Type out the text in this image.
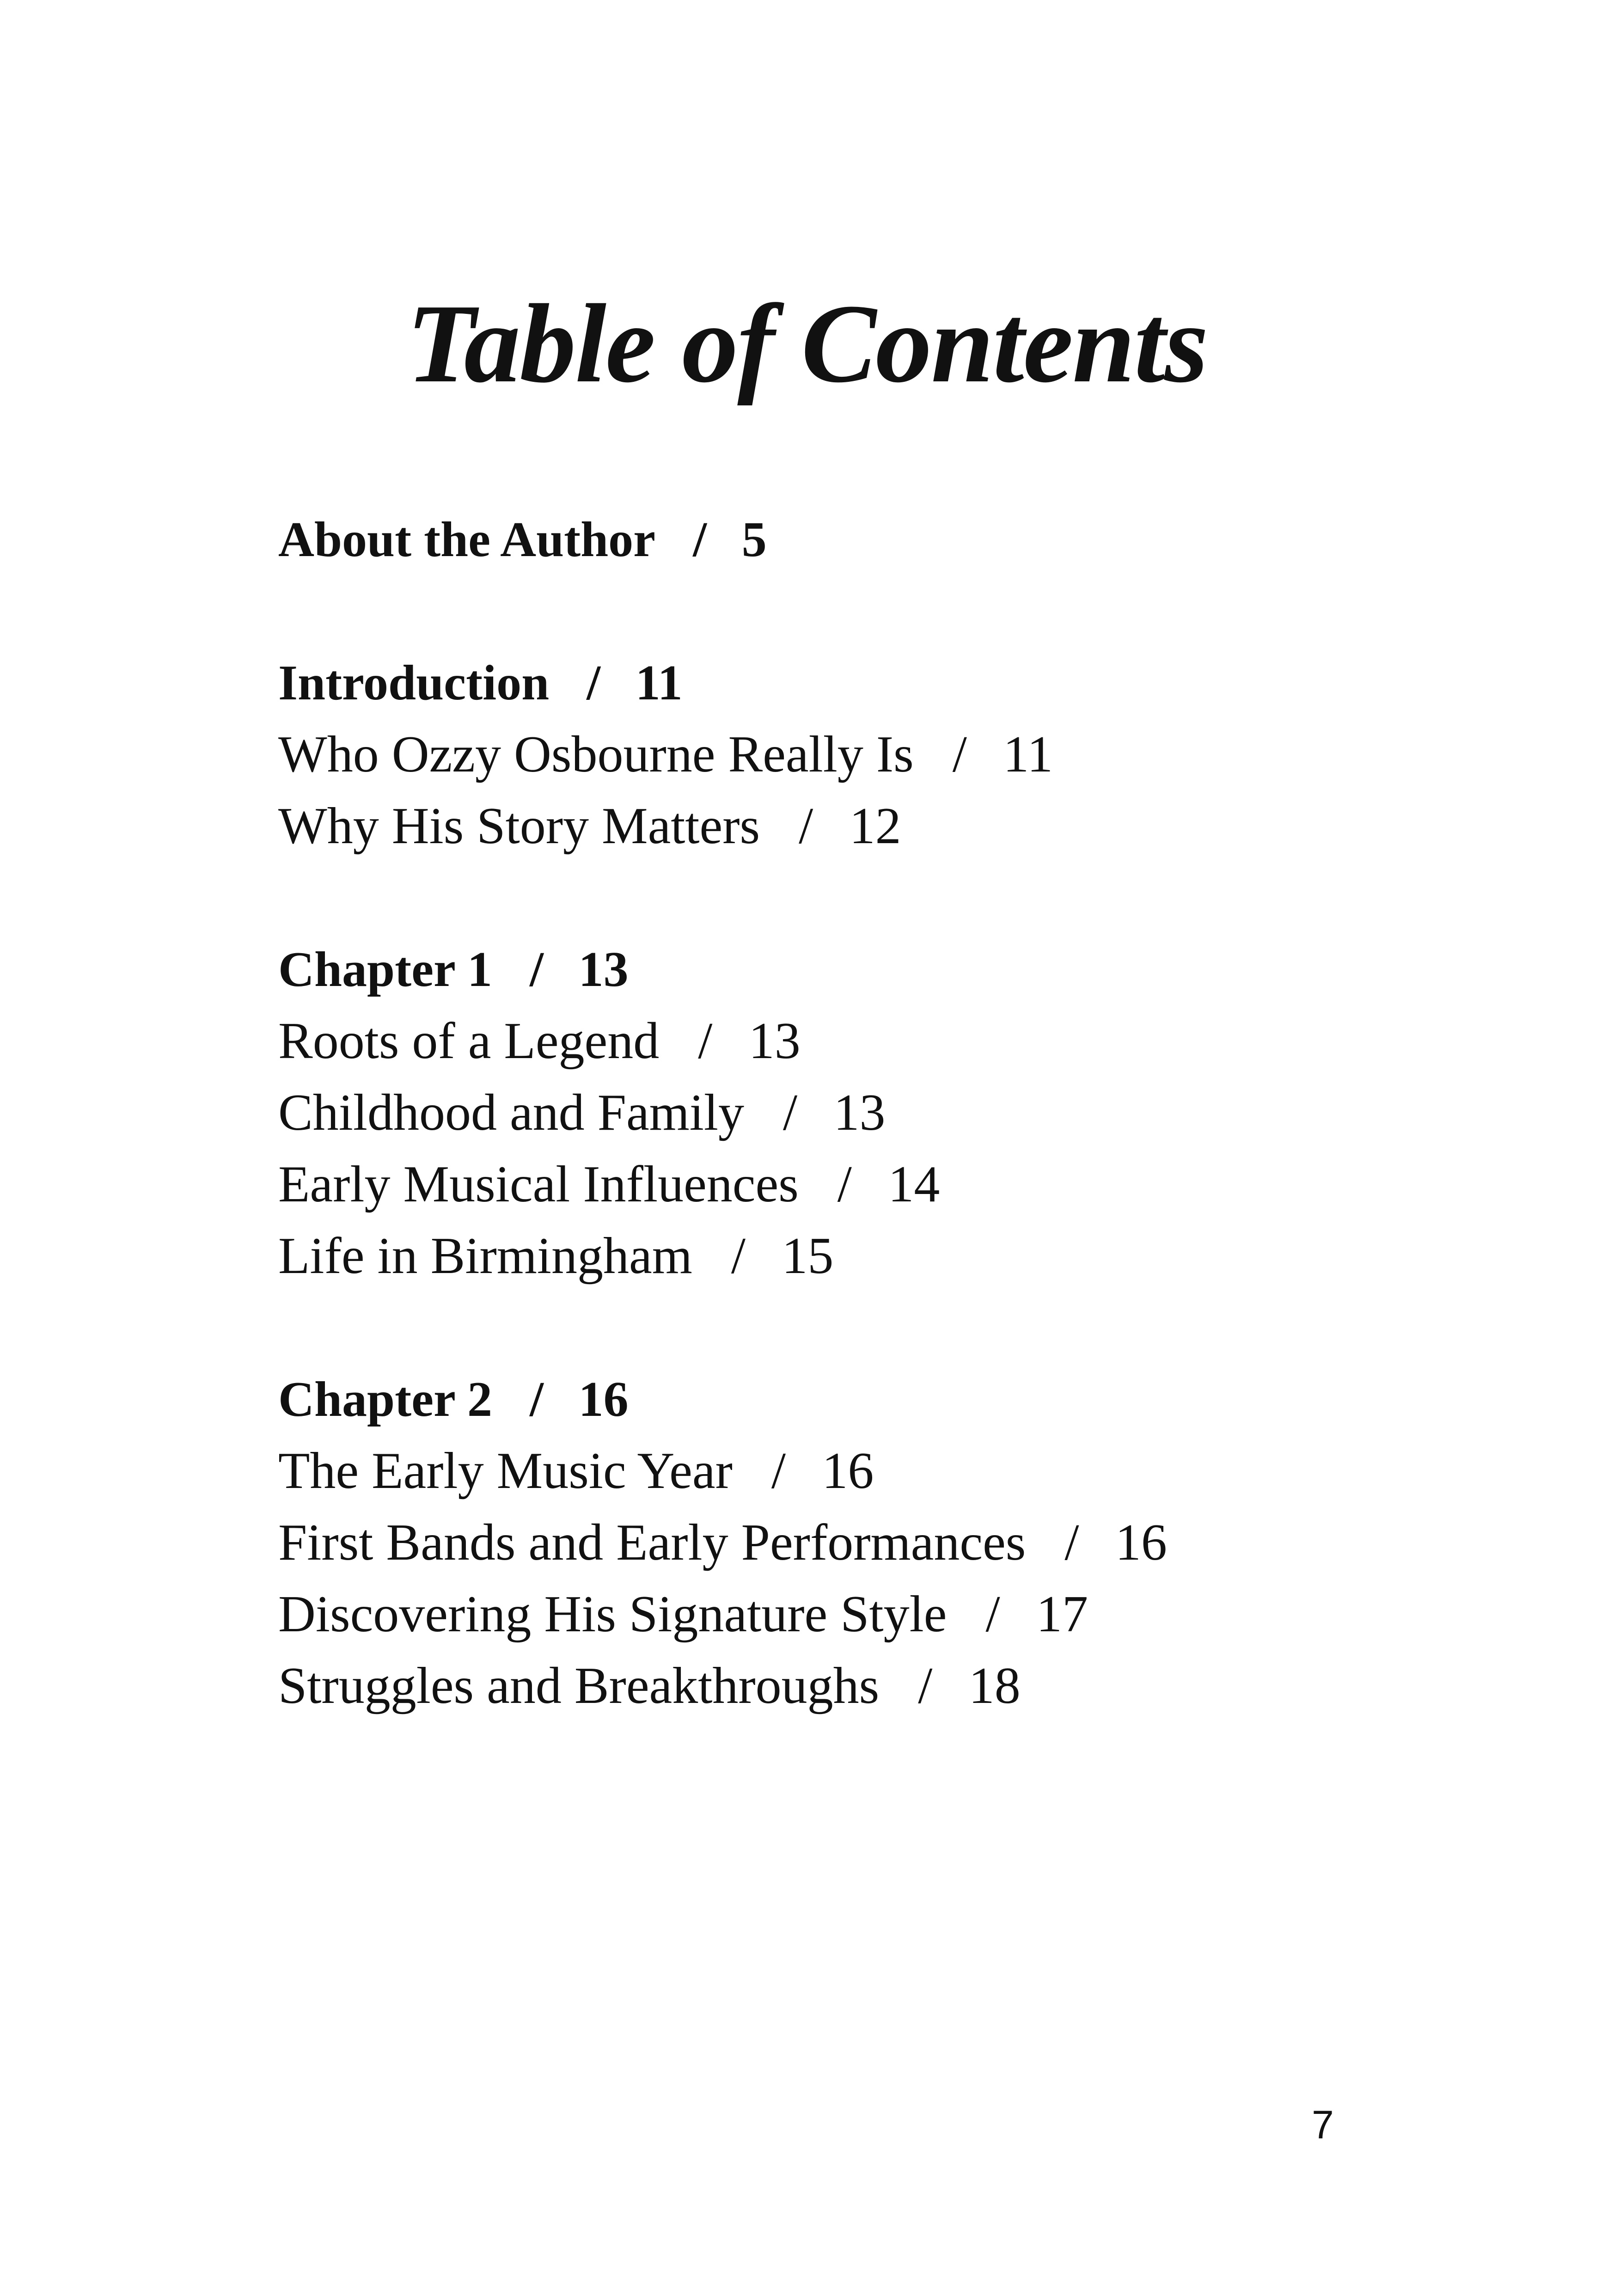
Table of Contents
About the Author / 5
Introduction / 11
Who Ozzy Osbourne Really Is / 11
Why His Story Matters / 12
Chapter 1 / 13
Roots of a Legend / 13
Childhood and Family / 13
Early Musical Influences / 14
Life in Birmingham / 15
Chapter 2 / 16
The Early Music Year / 16
First Bands and Early Performances / 16
Discovering His Signature Style / 17
Struggles and Breakthroughs / 18
7
